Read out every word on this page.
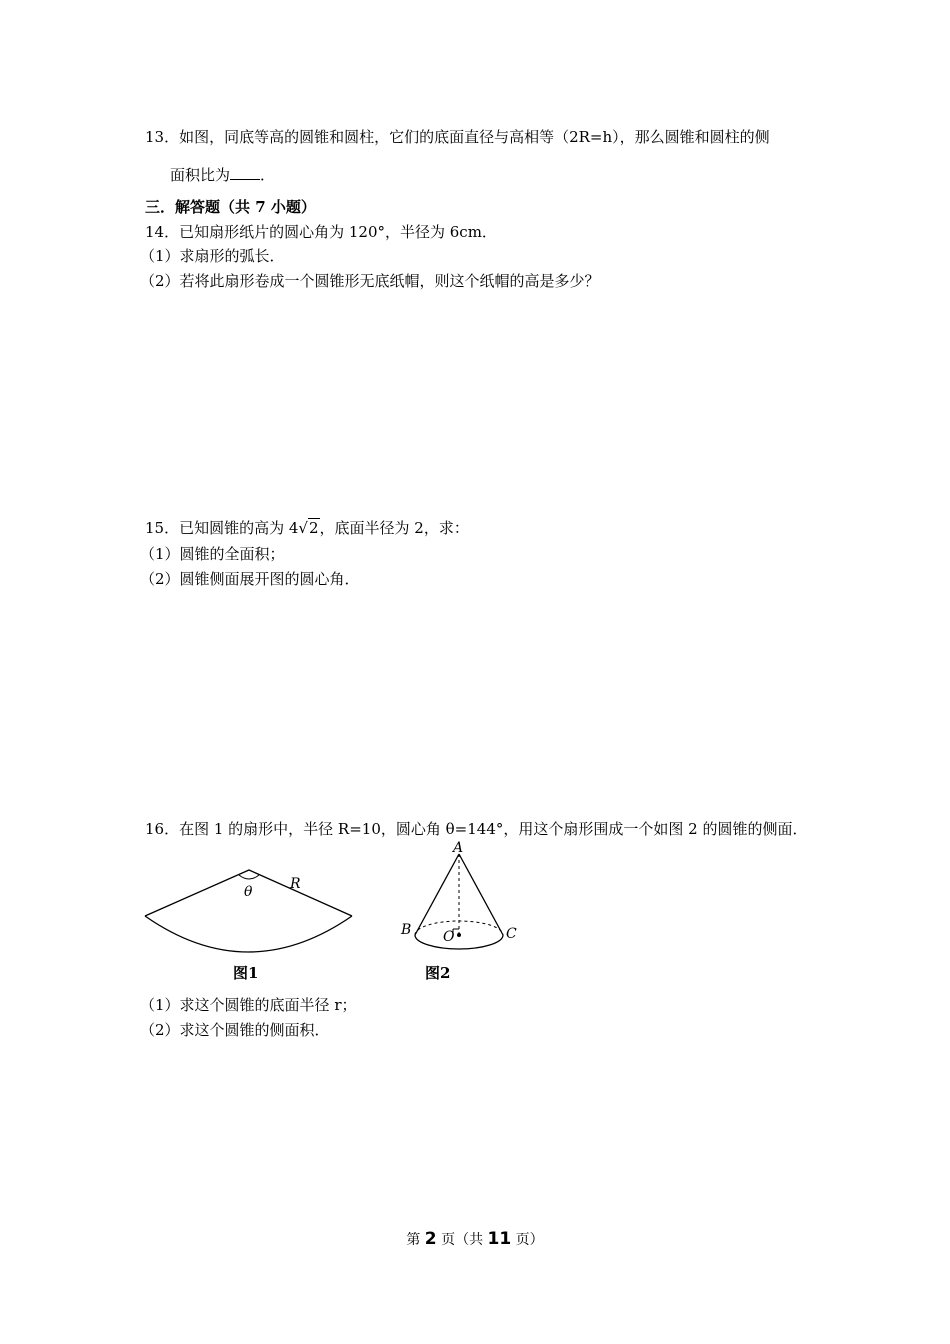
13．如图，同底等高的圆锥和圆柱，它们的底面直径与高相等（2R=h），那么圆锥和圆柱的侧
面积比为 ．
三．解答题（共 7 小题）
14．已知扇形纸片的圆心角为 120°，半径为 6cm．
（1）求扇形的弧长．
（2）若将此扇形卷成一个圆锥形无底纸帽，则这个纸帽的高是多少？
15．已知圆锥的高为 4√2，底面半径为 2，求：
（1）圆锥的全面积；
（2）圆锥侧面展开图的圆心角．
16．在图 1 的扇形中，半径 R=10，圆心角 θ=144°，用这个扇形围成一个如图 2 的圆锥的侧面．
θ	R
图1
A
B	C
O
图2
（1）求这个圆锥的底面半径 r；
（2）求这个圆锥的侧面积．
第 2 页（共 11 页）
